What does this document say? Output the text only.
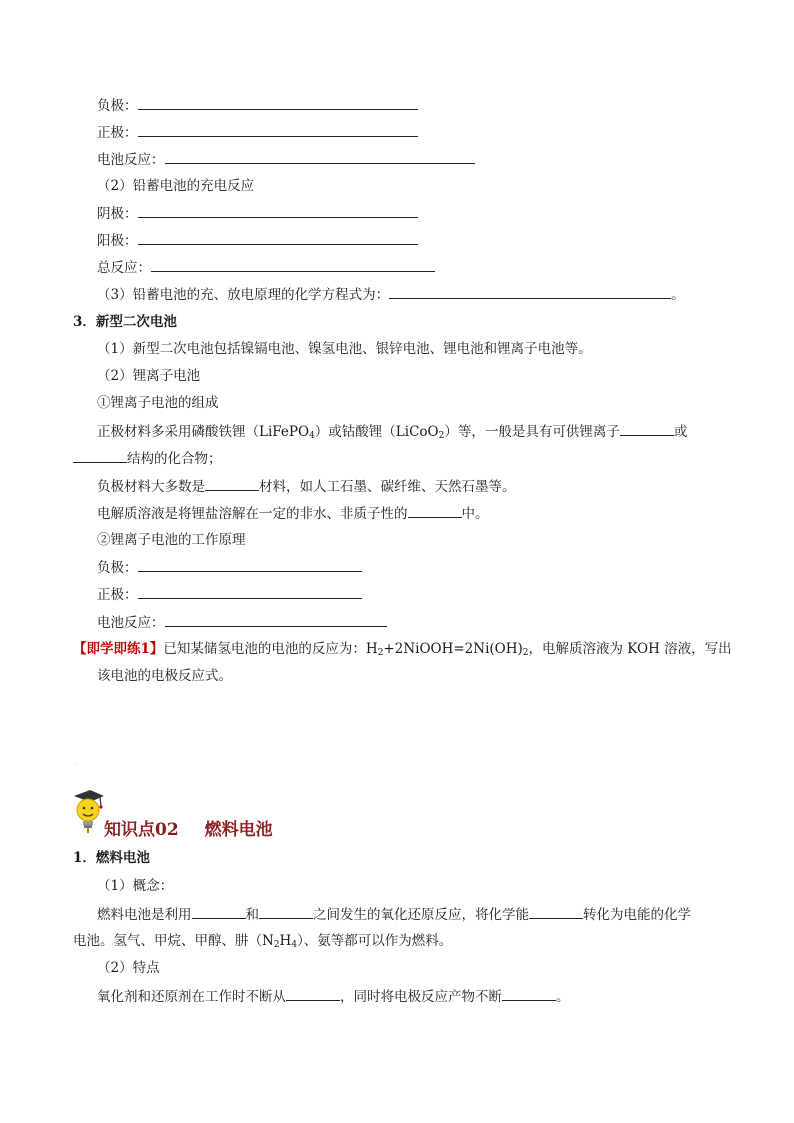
负极：
正极：
电池反应：
（2）铅蓄电池的充电反应
阴极：
阳极：
总反应：
（3）铅蓄电池的充、放电原理的化学方程式为：	。
3．新型二次电池
（1）新型二次电池包括镍镉电池、镍氢电池、银锌电池、锂电池和锂离子电池等。
（2）锂离子电池
①锂离子电池的组成
正极材料多采用磷酸铁锂（LiFePO$_4$）或钴酸锂（LiCoO$_2$）等，一般是具有可供锂离子	或
结构的化合物；
负极材料大多数是	材料，如人工石墨、碳纤维、天然石墨等。
电解质溶液是将锂盐溶解在一定的非水、非质子性的	中。
②锂离子电池的工作原理
负极：
正极：
电池反应：
【即学即练1】已知某储氢电池的电池的反应为：$H_2+2NiOOH=2Ni(OH)_2$，电解质溶液为 KOH 溶液，写出
该电池的电极反应式。
.
知识点02 燃料电池
1．燃料电池
（1）概念：
燃料电池是利用	和	之间发生的氧化还原反应，将化学能	转化为电能的化学
电池。氢气、甲烷、甲醇、肼$(N_2H_4)$、氨等都可以作为燃料。
（2）特点
氧化剂和还原剂在工作时不断从	，同时将电极反应产物不断	。
